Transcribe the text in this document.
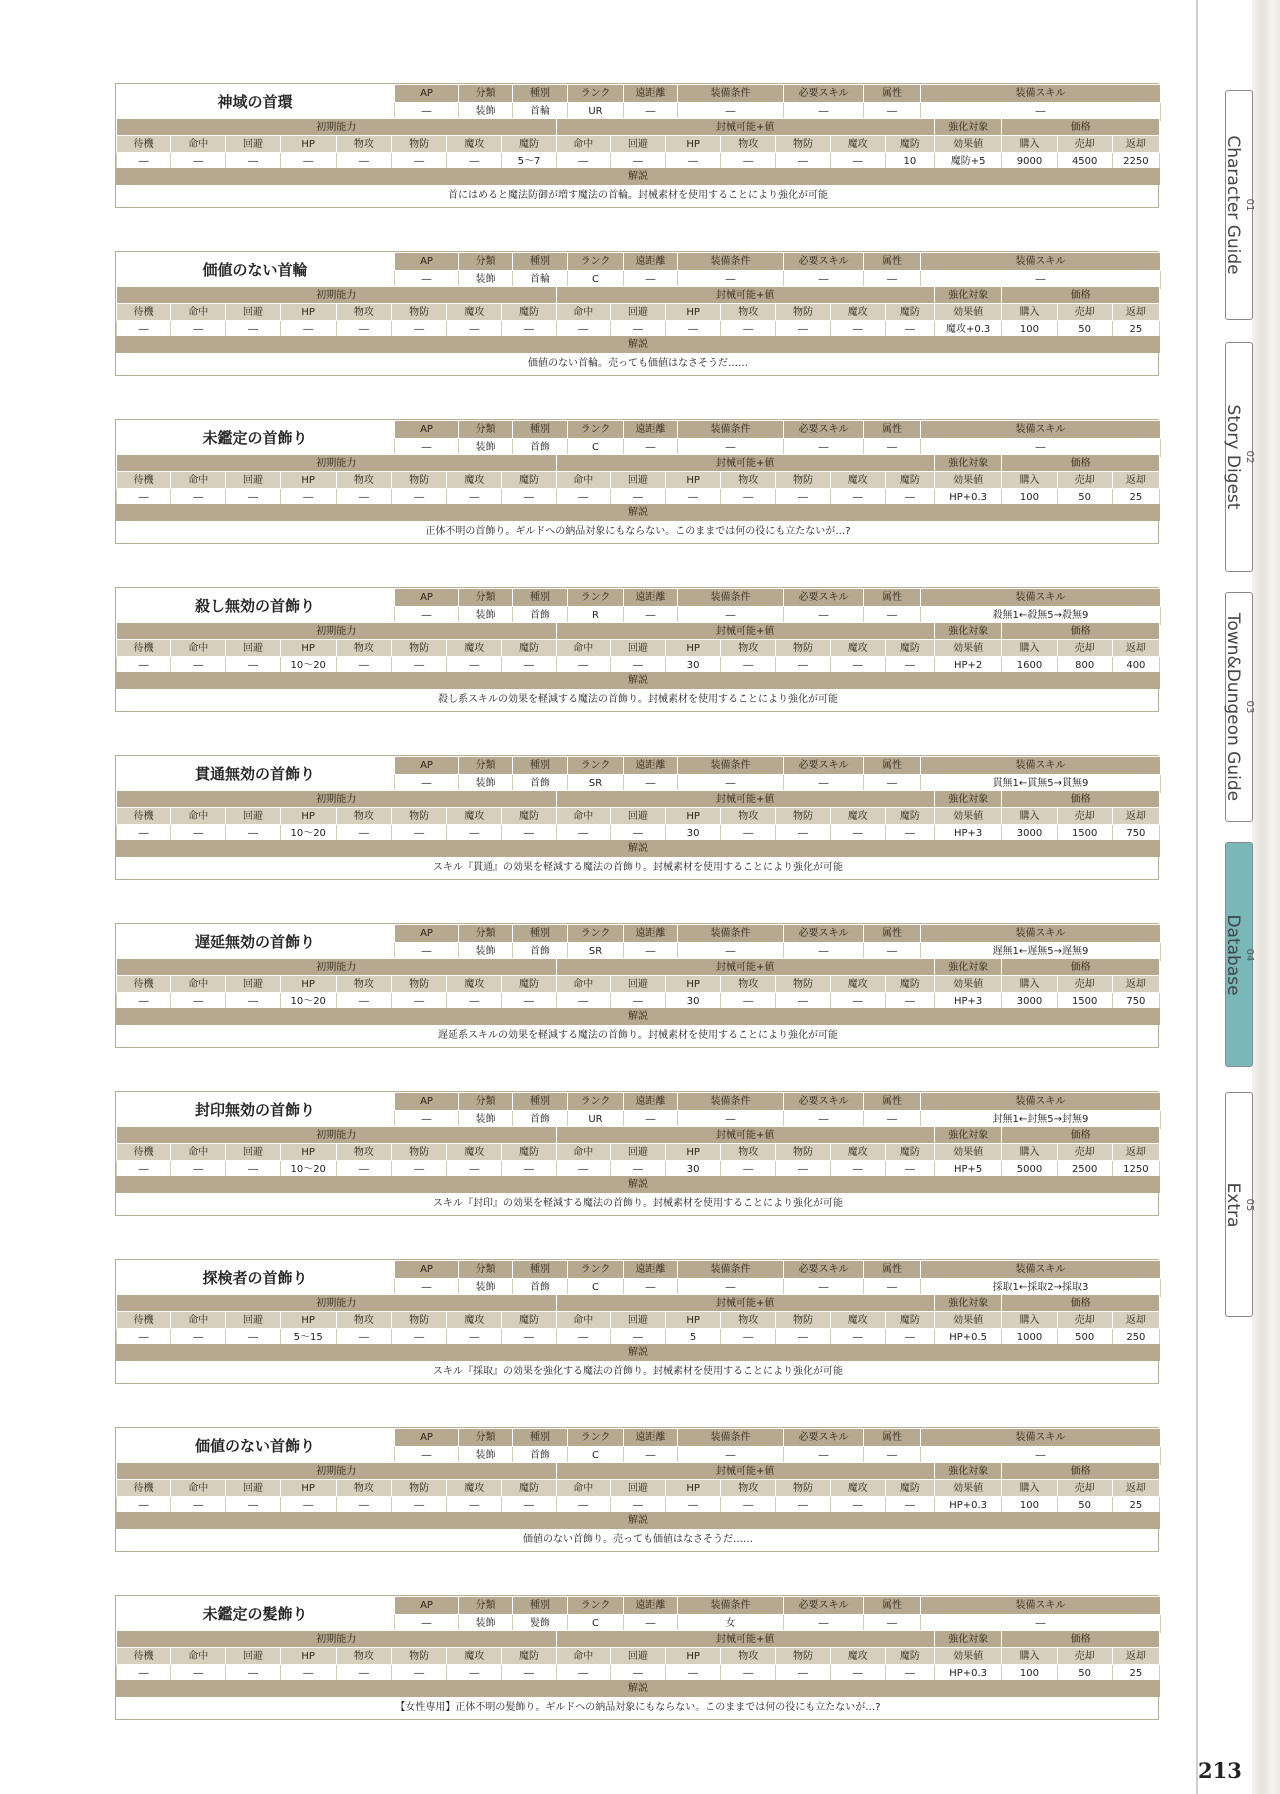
神域の首環	AP	分類	種別	ランク	遠距離	装備条件	必要スキル	属性	装備スキル
―	装飾	首輪	UR	―	―	―	―	―
初期能力								封械可能+値							強化対象	価格		
待機	命中	回避	HP	物攻	物防	魔攻	魔防	命中	回避	HP	物攻	物防	魔攻	魔防	効果値	購入	売却	返却
―	―	―	―	―	―	―	5～7	―	―	―	―	―	―	10	魔防+5	9000	4500	2250
解説
首にはめると魔法防御が増す魔法の首輪。封械素材を使用することにより強化が可能
価値のない首輪	AP	分類	種別	ランク	遠距離	装備条件	必要スキル	属性	装備スキル
―	装飾	首輪	C	―	―	―	―	―
初期能力								封械可能+値							強化対象	価格		
待機	命中	回避	HP	物攻	物防	魔攻	魔防	命中	回避	HP	物攻	物防	魔攻	魔防	効果値	購入	売却	返却
―	―	―	―	―	―	―	―	―	―	―	―	―	―	―	魔攻+0.3	100	50	25
解説
価値のない首輪。売っても価値はなさそうだ……
未鑑定の首飾り	AP	分類	種別	ランク	遠距離	装備条件	必要スキル	属性	装備スキル
―	装飾	首飾	C	―	―	―	―	―
初期能力								封械可能+値							強化対象	価格		
待機	命中	回避	HP	物攻	物防	魔攻	魔防	命中	回避	HP	物攻	物防	魔攻	魔防	効果値	購入	売却	返却
―	―	―	―	―	―	―	―	―	―	―	―	―	―	―	HP+0.3	100	50	25
解説
正体不明の首飾り。ギルドへの納品対象にもならない。このままでは何の役にも立たないが…?
殺し無効の首飾り	AP	分類	種別	ランク	遠距離	装備条件	必要スキル	属性	装備スキル
―	装飾	首飾	R	―	―	―	―	殺無1←殺無5→殺無9
初期能力								封械可能+値							強化対象	価格		
待機	命中	回避	HP	物攻	物防	魔攻	魔防	命中	回避	HP	物攻	物防	魔攻	魔防	効果値	購入	売却	返却
―	―	―	10～20	―	―	―	―	―	―	30	―	―	―	―	HP+2	1600	800	400
解説
殺し系スキルの効果を軽減する魔法の首飾り。封械素材を使用することにより強化が可能
貫通無効の首飾り	AP	分類	種別	ランク	遠距離	装備条件	必要スキル	属性	装備スキル
―	装飾	首飾	SR	―	―	―	―	貫無1←貫無5→貫無9
初期能力								封械可能+値							強化対象	価格		
待機	命中	回避	HP	物攻	物防	魔攻	魔防	命中	回避	HP	物攻	物防	魔攻	魔防	効果値	購入	売却	返却
―	―	―	10～20	―	―	―	―	―	―	30	―	―	―	―	HP+3	3000	1500	750
解説
スキル『貫通』の効果を軽減する魔法の首飾り。封械素材を使用することにより強化が可能
遅延無効の首飾り	AP	分類	種別	ランク	遠距離	装備条件	必要スキル	属性	装備スキル
―	装飾	首飾	SR	―	―	―	―	遅無1←遅無5→遅無9
初期能力								封械可能+値							強化対象	価格		
待機	命中	回避	HP	物攻	物防	魔攻	魔防	命中	回避	HP	物攻	物防	魔攻	魔防	効果値	購入	売却	返却
―	―	―	10～20	―	―	―	―	―	―	30	―	―	―	―	HP+3	3000	1500	750
解説
遅延系スキルの効果を軽減する魔法の首飾り。封械素材を使用することにより強化が可能
封印無効の首飾り	AP	分類	種別	ランク	遠距離	装備条件	必要スキル	属性	装備スキル
―	装飾	首飾	UR	―	―	―	―	封無1←封無5→封無9
初期能力								封械可能+値							強化対象	価格		
待機	命中	回避	HP	物攻	物防	魔攻	魔防	命中	回避	HP	物攻	物防	魔攻	魔防	効果値	購入	売却	返却
―	―	―	10～20	―	―	―	―	―	―	30	―	―	―	―	HP+5	5000	2500	1250
解説
スキル『封印』の効果を軽減する魔法の首飾り。封械素材を使用することにより強化が可能
探検者の首飾り	AP	分類	種別	ランク	遠距離	装備条件	必要スキル	属性	装備スキル
―	装飾	首飾	C	―	―	―	―	採取1←採取2→採取3
初期能力								封械可能+値							強化対象	価格		
待機	命中	回避	HP	物攻	物防	魔攻	魔防	命中	回避	HP	物攻	物防	魔攻	魔防	効果値	購入	売却	返却
―	―	―	5～15	―	―	―	―	―	―	5	―	―	―	―	HP+0.5	1000	500	250
解説
スキル『採取』の効果を強化する魔法の首飾り。封械素材を使用することにより強化が可能
価値のない首飾り	AP	分類	種別	ランク	遠距離	装備条件	必要スキル	属性	装備スキル
―	装飾	首飾	C	―	―	―	―	―
初期能力								封械可能+値							強化対象	価格		
待機	命中	回避	HP	物攻	物防	魔攻	魔防	命中	回避	HP	物攻	物防	魔攻	魔防	効果値	購入	売却	返却
―	―	―	―	―	―	―	―	―	―	―	―	―	―	―	HP+0.3	100	50	25
解説
価値のない首飾り。売っても価値はなさそうだ……
未鑑定の髪飾り	AP	分類	種別	ランク	遠距離	装備条件	必要スキル	属性	装備スキル
―	装飾	髪飾	C	―	女	―	―	―
初期能力								封械可能+値							強化対象	価格		
待機	命中	回避	HP	物攻	物防	魔攻	魔防	命中	回避	HP	物攻	物防	魔攻	魔防	効果値	購入	売却	返却
―	―	―	―	―	―	―	―	―	―	―	―	―	―	―	HP+0.3	100	50	25
解説
【女性専用】正体不明の髪飾り。ギルドへの納品対象にもならない。このままでは何の役にも立たないが…?
01
Character Guide
02
Story Digest
03
Town&Dungeon Guide
04
Database
05
Extra
213
